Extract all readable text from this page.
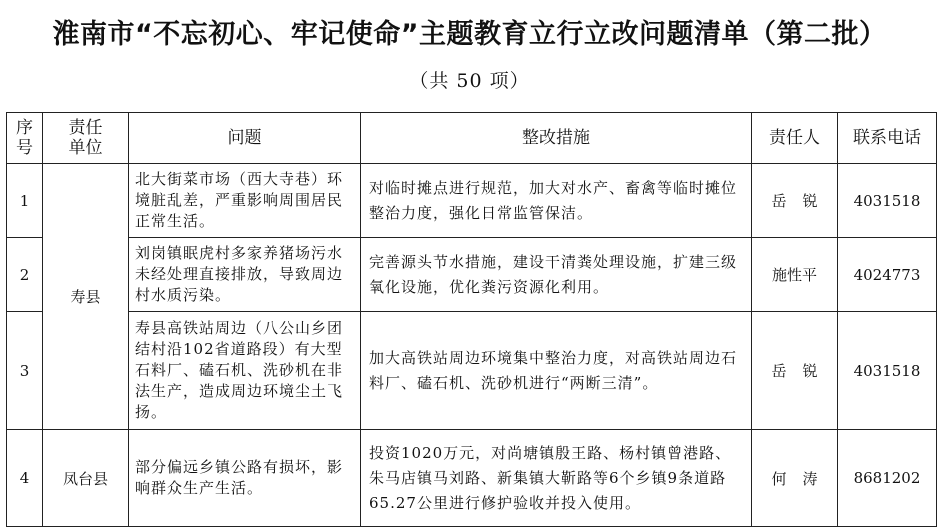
淮南市“不忘初心、牢记使命”主题教育立行立改问题清单（第二批）
（共 50 项）
序号	责任单位	问题	整改措施	责任人	联系电话
1	寿县	北大街菜市场（西大寺巷）环境脏乱差，严重影响周围居民正常生活。	对临时摊点进行规范，加大对水产、畜禽等临时摊位整治力度，强化日常监管保洁。	岳锐	4031518
2		刘岗镇眠虎村多家养猪场污水未经处理直接排放，导致周边村水质污染。	完善源头节水措施，建设干清粪处理设施，扩建三级氧化设施，优化粪污资源化利用。	施性平	4024773
3		寿县高铁站周边（八公山乡团结村沿102省道路段）有大型石料厂、磕石机、洗砂机在非法生产，造成周边环境尘土飞扬。	加大高铁站周边环境集中整治力度，对高铁站周边石料厂、磕石机、洗砂机进行“两断三清”。	岳锐	4031518
4	凤台县	部分偏远乡镇公路有损坏，影响群众生产生活。	投资1020万元，对尚塘镇殷王路、杨村镇曾港路、朱马店镇马刘路、新集镇大靳路等6个乡镇9条道路65.27公里进行修护验收并投入使用。	何涛	8681202
